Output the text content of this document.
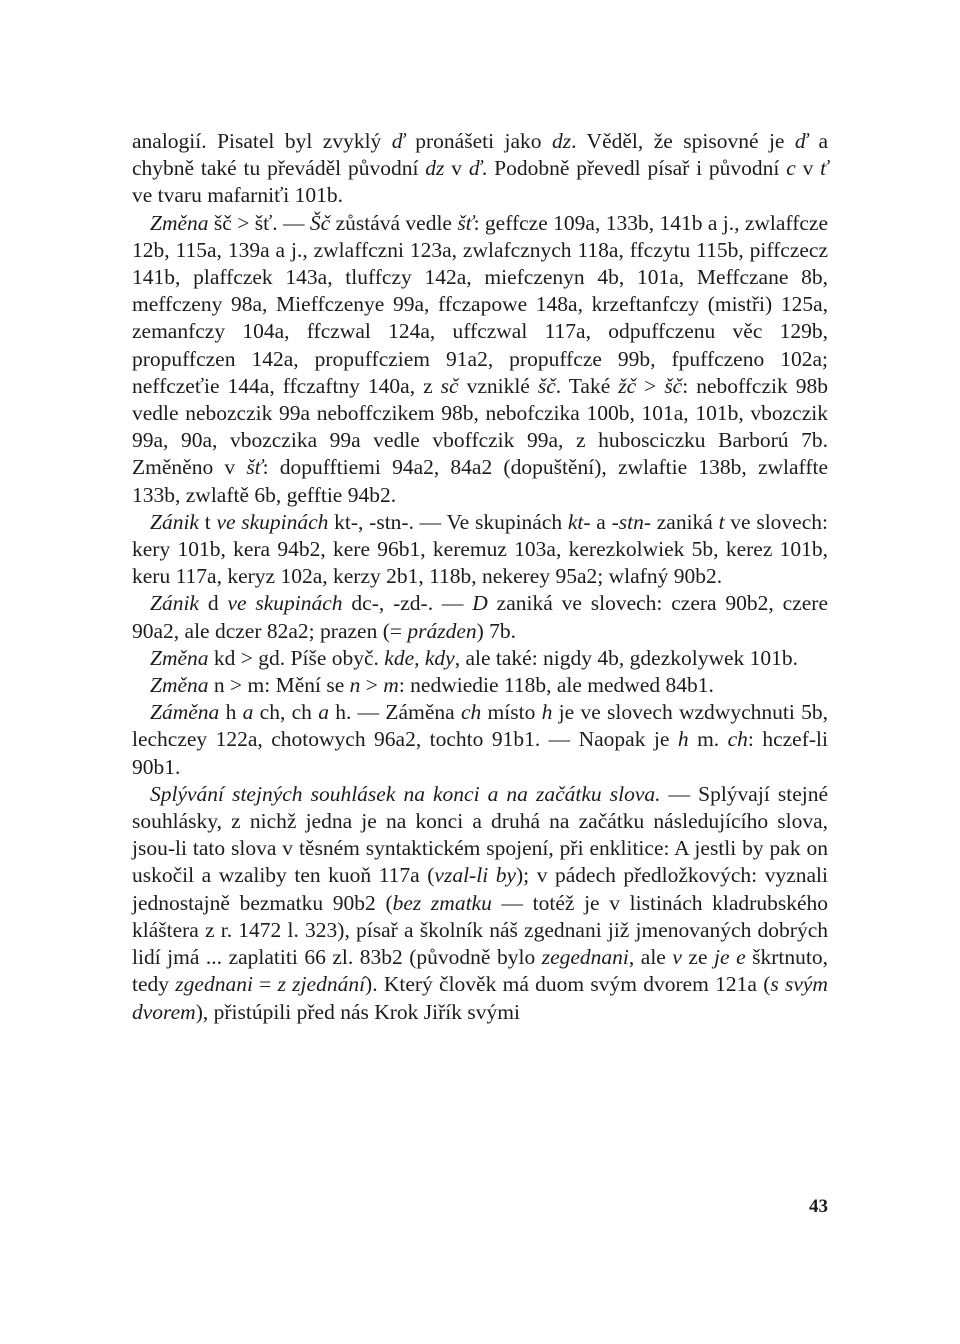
analogií. Pisatel byl zvyklý ď pronášeti jako dz. Věděl, že spisovné je ď a chybně také tu převáděl původní dz v ď. Podobně převedl písař i původní c v ť ve tvaru mafarniťi 101b.

Změna šč > šť. — Šč zůstává vedle šť: geffcze 109a, 133b, 141b a j., zwlaffcze 12b, 115a, 139a a j., zwlaffczni 123a, zwlafcznych 118a, ffczytu 115b, piffczecz 141b, plaffczek 143a, tluffczy 142a, miefczenyn 4b, 101a, Meffczane 8b, meffczeny 98a, Mieffczenye 99a, ffczapowe 148a, krzeftanfczy (mistři) 125a, zemanfczy 104a, ffczwal 124a, uffczwal 117a, odpuffczenu věc 129b, propuffczen 142a, propuffcziem 91a2, propuffcze 99b, fpuffczeno 102a; neffczeťie 144a, ffczaftny 140a, z sč vzniklé šč. Také žč > šč: neboffczik 98b vedle nebozczik 99a neboffczikem 98b, nebofczika 100b, 101a, 101b, vbozczik 99a, 90a, vbozczika 99a vedle vboffczik 99a, z hubosciczku Barború 7b. Změněno v šť: dopufftiemi 94a2, 84a2 (dopuštění), zwlaftie 138b, zwlaffte 133b, zwlaftě 6b, gefftie 94b2.

Zánik t ve skupinách kt-, -stn-. — Ve skupinách kt- a -stn- zaniká t ve slovech: kery 101b, kera 94b2, kere 96b1, keremuz 103a, kerezkolwiek 5b, kerez 101b, keru 117a, keryz 102a, kerzy 2b1, 118b, nekerey 95a2; wlafný 90b2.

Zánik d ve skupinách dc-, -zd-. — D zaniká ve slovech: czera 90b2, czere 90a2, ale dczer 82a2; prazen (= prázden) 7b.

Změna kd > gd. Píše obyč. kde, kdy, ale také: nigdy 4b, gdezkolywek 101b.

Změna n > m: Mění se n > m: nedwiedie 118b, ale medwed 84b1.

Záměna h a ch, ch a h. — Záměna ch místo h je ve slovech wzdwychnuti 5b, lechczey 122a, chotowych 96a2, tochto 91b1. — Naopak je h m. ch: hczef-li 90b1.

Splývání stejných souhlásek na konci a na začátku slova. — Splývají stejné souhlásky, z nichž jedna je na konci a druhá na začátku následujícího slova, jsou-li tato slova v těsném syntaktickém spojení, při enklitice: A jestli by pak on uskočil a wzaliby ten kuoň 117a (vzal-li by); v pádech předložkových: vyznali jednostajně bezmatku 90b2 (bez zmatku — totéž je v listinách kladrubského kláštera z r. 1472 l. 323), písař a školník náš zgednani již jmenovaných dobrých lidí jmá ... zaplatiti 66 zl. 83b2 (původně bylo zegednani, ale v ze je e škrtnuto, tedy zgednani = z zjednání). Který člověk má duom svým dvorem 121a (s svým dvorem), přistúpili před nás Krok Jiřík svými

43
